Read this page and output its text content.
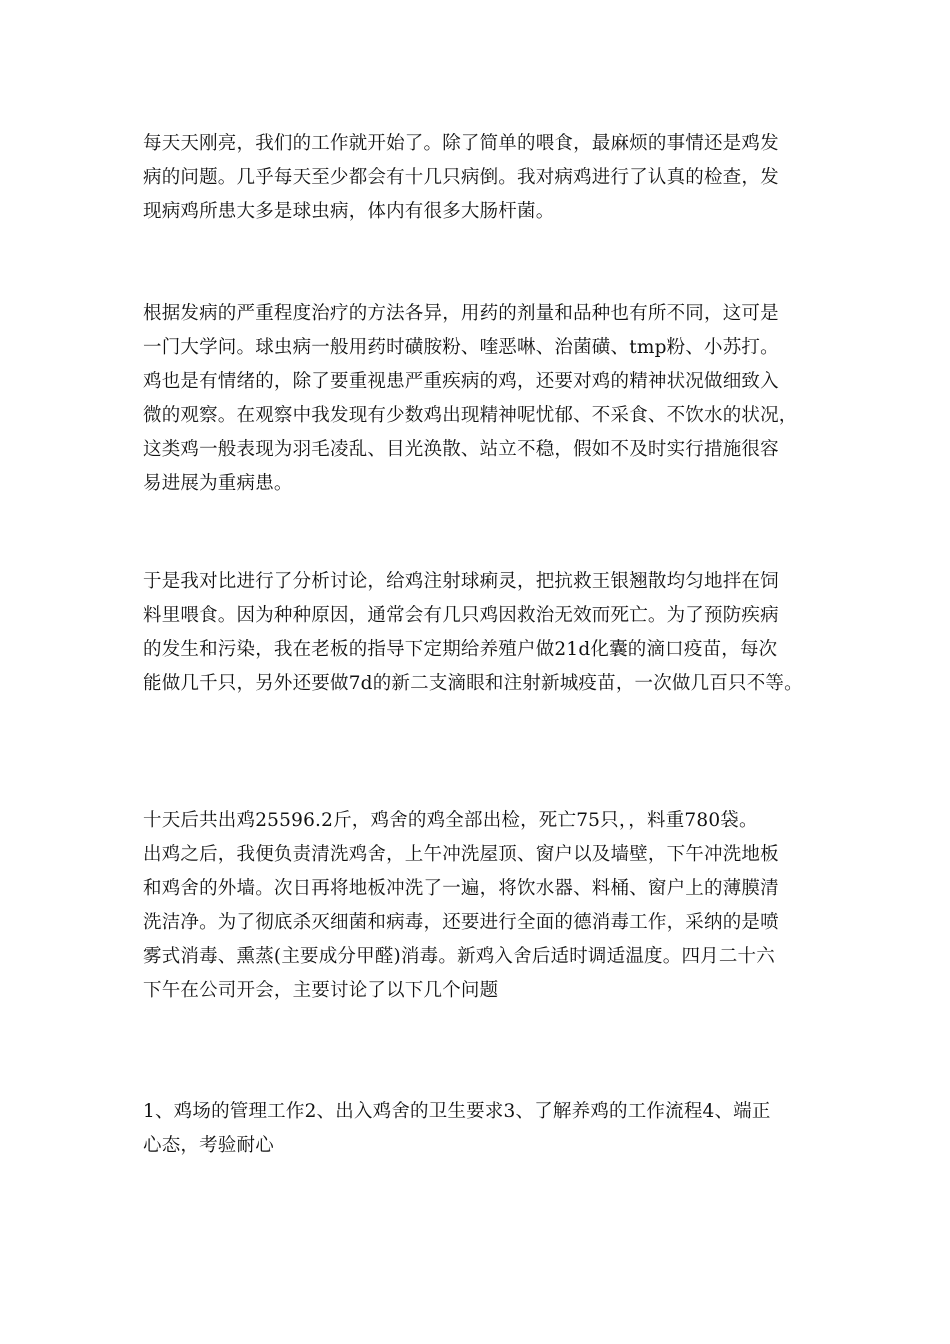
每天天刚亮，我们的工作就开始了。除了简单的喂食，最麻烦的事情还是鸡发
病的问题。几乎每天至少都会有十几只病倒。我对病鸡进行了认真的检查，发
现病鸡所患大多是球虫病，体内有很多大肠杆菌。
根据发病的严重程度治疗的方法各异，用药的剂量和品种也有所不同，这可是
一门大学问。球虫病一般用药时磺胺粉、喹恶啉、治菌磺、tmp粉、小苏打。
鸡也是有情绪的，除了要重视患严重疾病的鸡，还要对鸡的精神状况做细致入
微的观察。在观察中我发现有少数鸡出现精神呢忧郁、不采食、不饮水的状况，
这类鸡一般表现为羽毛凌乱、目光涣散、站立不稳，假如不及时实行措施很容
易进展为重病患。
于是我对比进行了分析讨论，给鸡注射球痢灵，把抗救王银翘散均匀地拌在饲
料里喂食。因为种种原因，通常会有几只鸡因救治无效而死亡。为了预防疾病
的发生和污染，我在老板的指导下定期给养殖户做21d化囊的滴口疫苗，每次
能做几千只，另外还要做7d的新二支滴眼和注射新城疫苗，一次做几百只不等。
十天后共出鸡25596.2斤，鸡舍的鸡全部出检，死亡75只，，料重780袋。
出鸡之后，我便负责清洗鸡舍，上午冲洗屋顶、窗户以及墙壁，下午冲洗地板
和鸡舍的外墙。次日再将地板冲洗了一遍，将饮水器、料桶、窗户上的薄膜清
洗洁净。为了彻底杀灭细菌和病毒，还要进行全面的德消毒工作，采纳的是喷
雾式消毒、熏蒸(主要成分甲醛)消毒。新鸡入舍后适时调适温度。四月二十六
下午在公司开会，主要讨论了以下几个问题
1、鸡场的管理工作2、出入鸡舍的卫生要求3、了解养鸡的工作流程4、端正
心态，考验耐心
